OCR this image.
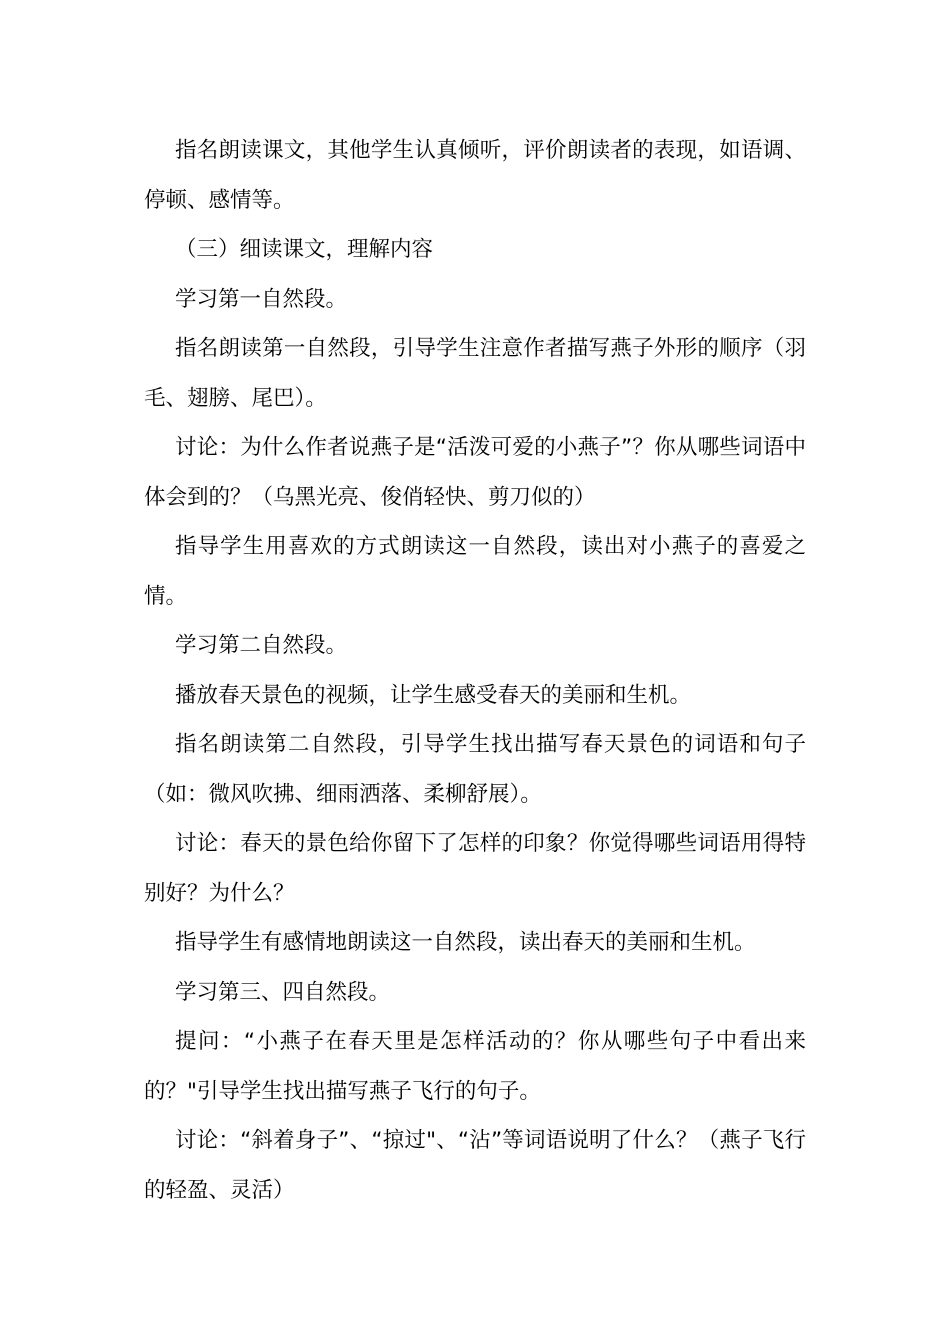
指名朗读课文，其他学生认真倾听，评价朗读者的表现，如语调、停顿、感情等。

（三）细读课文，理解内容

学习第一自然段。

指名朗读第一自然段，引导学生注意作者描写燕子外形的顺序（羽毛、翅膀、尾巴）。

讨论：为什么作者说燕子是“活泼可爱的小燕子”？你从哪些词语中体会到的？（乌黑光亮、俊俏轻快、剪刀似的）

指导学生用喜欢的方式朗读这一自然段，读出对小燕子的喜爱之情。

学习第二自然段。

播放春天景色的视频，让学生感受春天的美丽和生机。

指名朗读第二自然段，引导学生找出描写春天景色的词语和句子（如：微风吹拂、细雨洒落、柔柳舒展）。

讨论：春天的景色给你留下了怎样的印象？你觉得哪些词语用得特别好？为什么？

指导学生有感情地朗读这一自然段，读出春天的美丽和生机。

学习第三、四自然段。

提问：“小燕子在春天里是怎样活动的？你从哪些句子中看出来的？"引导学生找出描写燕子飞行的句子。

讨论：“斜着身子”、“掠过"、“沾”等词语说明了什么？（燕子飞行的轻盈、灵活）
